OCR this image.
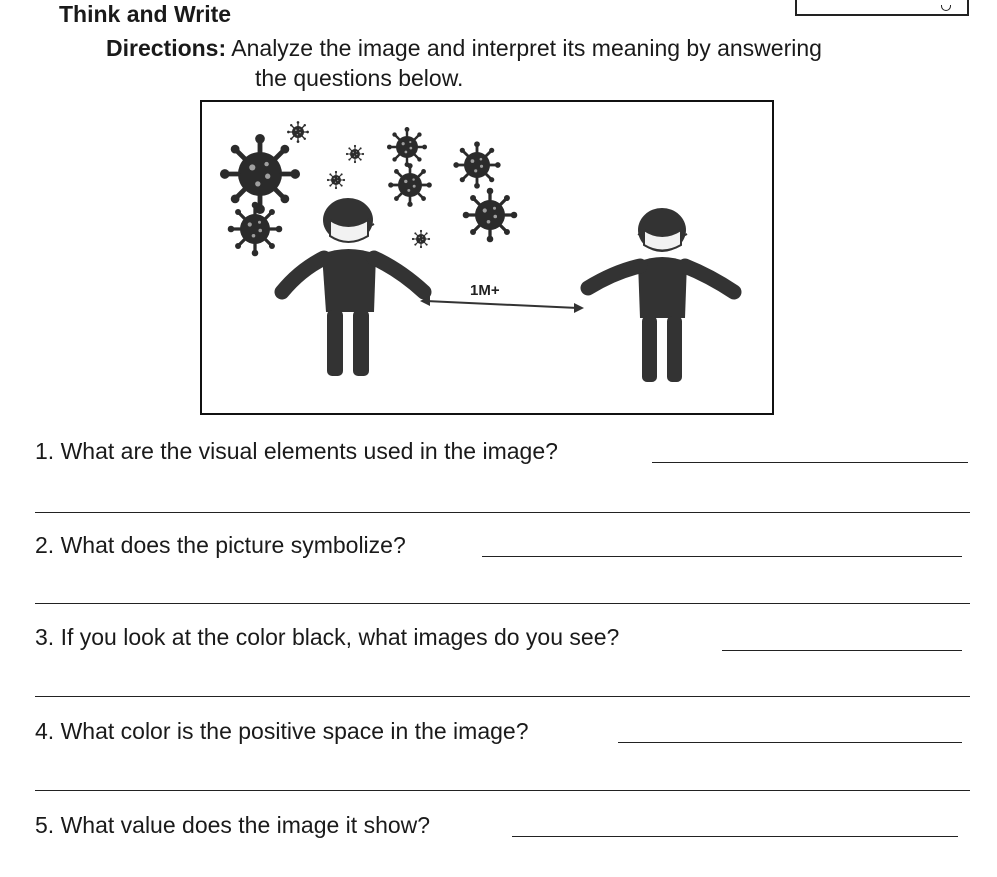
Think and Write
Directions: Analyze the image and interpret its meaning by answering
the questions below.
1M+
1. What are the visual elements used in the image?
2. What does the picture symbolize?
3. If you look at the color black, what images do you see?
4. What color is the positive space in the image?
5. What value does the image it show?
